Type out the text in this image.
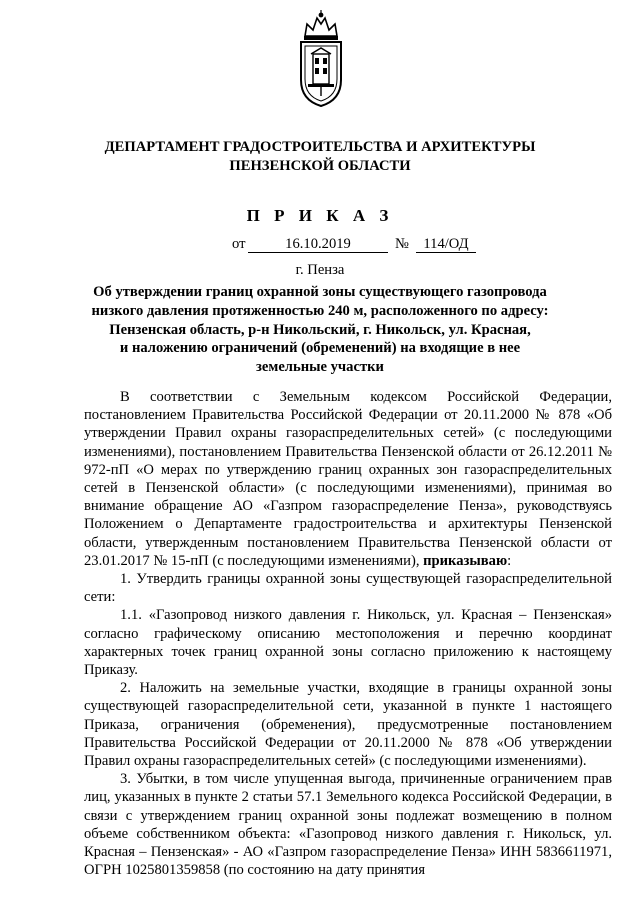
ДЕПАРТАМЕНТ ГРАДОСТРОИТЕЛЬСТВА И АРХИТЕКТУРЫ
ПЕНЗЕНСКОЙ ОБЛАСТИ
П Р И К А З
от	16.10.2019	№ 114/ОД
г. Пенза
Об утверждении границ охранной зоны существующего газопровода
низкого давления протяженностью 240 м, расположенного по адресу:
Пензенская область, р-н Никольский, г. Никольск, ул. Красная,
и наложению ограничений (обременений) на входящие в нее
земельные участки

В соответствии с Земельным кодексом Российской Федерации, постановлением Правительства Российской Федерации от 20.11.2000 № 878 «Об утверждении Правил охраны газораспределительных сетей» (с последующими изменениями), постановлением Правительства Пензенской области от 26.12.2011 № 972-пП «О мерах по утверждению границ охранных зон газораспределительных сетей в Пензенской области» (с последующими изменениями), принимая во внимание обращение АО «Газпром газораспределение Пенза», руководствуясь Положением о Департаменте градостроительства и архитектуры Пензенской области, утвержденным постановлением Правительства Пензенской области от 23.01.2017 № 15-пП (с последующими изменениями), приказываю:

1. Утвердить границы охранной зоны существующей газораспределительной сети:

1.1. «Газопровод низкого давления г. Никольск, ул. Красная – Пензенская» согласно графическому описанию местоположения и перечню координат характерных точек границ охранной зоны согласно приложению к настоящему Приказу.

2. Наложить на земельные участки, входящие в границы охранной зоны существующей газораспределительной сети, указанной в пункте 1 настоящего Приказа, ограничения (обременения), предусмотренные постановлением Правительства Российской Федерации от 20.11.2000 № 878 «Об утверждении Правил охраны газораспределительных сетей» (с последующими изменениями).

3. Убытки, в том числе упущенная выгода, причиненные ограничением прав лиц, указанных в пункте 2 статьи 57.1 Земельного кодекса Российской Федерации, в связи с утверждением границ охранной зоны подлежат возмещению в полном объеме собственником объекта: «Газопровод низкого давления г. Никольск, ул. Красная – Пензенская» - АО «Газпром газораспределение Пенза» ИНН 5836611971, ОГРН 1025801359858 (по состоянию на дату принятия
